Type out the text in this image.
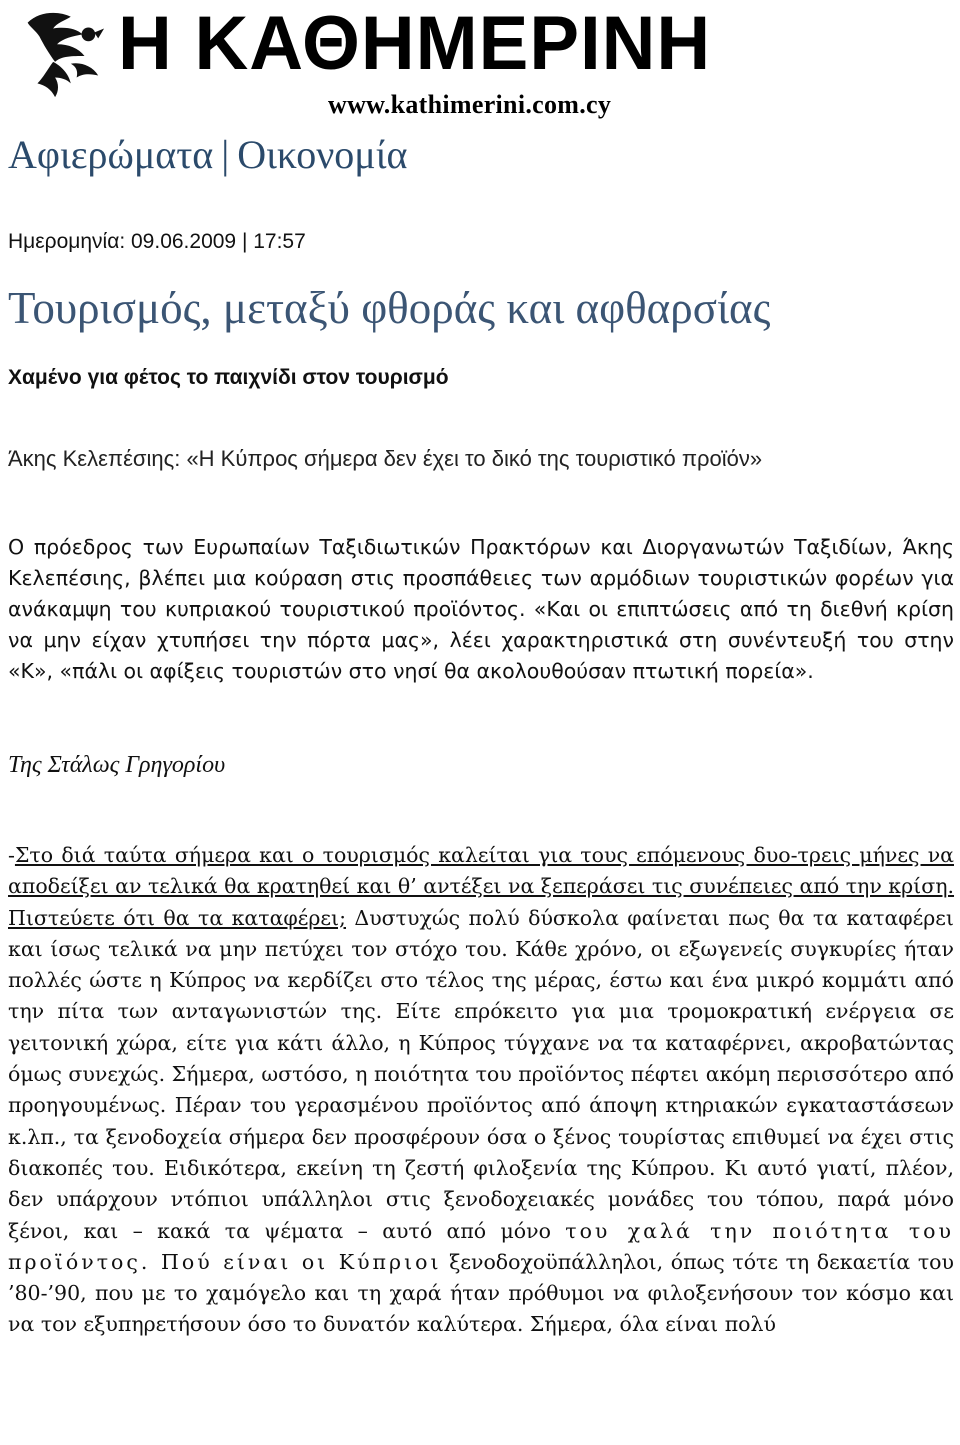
Η ΚΑΘΗΜΕΡΙΝΗ
www.kathimerini.com.cy
Αφιερώματα | Οικονομία
Ημερομηνία: 09.06.2009 | 17:57
Τουρισμός, μεταξύ φθοράς και αφθαρσίας
Χαμένο για φέτος το παιχνίδι στον τουρισμό
Άκης Κελεπέσιης: «Η Κύπρος σήμερα δεν έχει το δικό της τουριστικό προϊόν»
Ο πρόεδρος των Ευρωπαίων Ταξιδιωτικών Πρακτόρων και Διοργανωτών Ταξιδίων, Άκης Κελεπέσιης, βλέπει μια κούραση στις προσπάθειες των αρμόδιων τουριστικών φορέων για ανάκαμψη του κυπριακού τουριστικού προϊόντος. «Και οι επιπτώσεις από τη διεθνή κρίση να μην είχαν χτυπήσει την πόρτα μας», λέει χαρακτηριστικά στη συνέντευξή του στην «Κ», «πάλι οι αφίξεις τουριστών στο νησί θα ακολουθούσαν πτωτική πορεία».
Της Στάλως Γρηγορίου
-Στο διά ταύτα σήμερα και ο τουρισμός καλείται για τους επόμενους δυο-τρεις μήνες να αποδείξει αν τελικά θα κρατηθεί και θ’ αντέξει να ξεπεράσει τις συνέπειες από την κρίση. Πιστεύετε ότι θα τα καταφέρει; Δυστυχώς πολύ δύσκολα φαίνεται πως θα τα καταφέρει και ίσως τελικά να μην πετύχει τον στόχο του. Κάθε χρόνο, οι εξωγενείς συγκυρίες ήταν πολλές ώστε η Κύπρος να κερδίζει στο τέλος της μέρας, έστω και ένα μικρό κομμάτι από την πίτα των ανταγωνιστών της. Είτε επρόκειτο για μια τρομοκρατική ενέργεια σε γειτονική χώρα, είτε για κάτι άλλο, η Κύπρος τύγχανε να τα καταφέρνει, ακροβατώντας όμως συνεχώς. Σήμερα, ωστόσο, η ποιότητα του προϊόντος πέφτει ακόμη περισσότερο από προηγουμένως. Πέραν του γερασμένου προϊόντος από άποψη κτηριακών εγκαταστάσεων κ.λπ., τα ξενοδοχεία σήμερα δεν προσφέρουν όσα ο ξένος τουρίστας επιθυμεί να έχει στις διακοπές του. Ειδικότερα, εκείνη τη ζεστή φιλοξενία της Κύπρου. Κι αυτό γιατί, πλέον, δεν υπάρχουν ντόπιοι υπάλληλοι στις ξενοδοχειακές μονάδες του τόπου, παρά μόνο ξένοι, και – κακά τα ψέματα – αυτό από μόνο του χαλά την ποιότητα του προϊόντος. Πού είναι οι Κύπριοι ξενοδοχοϋπάλληλοι, όπως τότε τη δεκαετία του ’80-’90, που με το χαμόγελο και τη χαρά ήταν πρόθυμοι να φιλοξενήσουν τον κόσμο και να τον εξυπηρετήσουν όσο το δυνατόν καλύτερα. Σήμερα, όλα είναι πολύ
